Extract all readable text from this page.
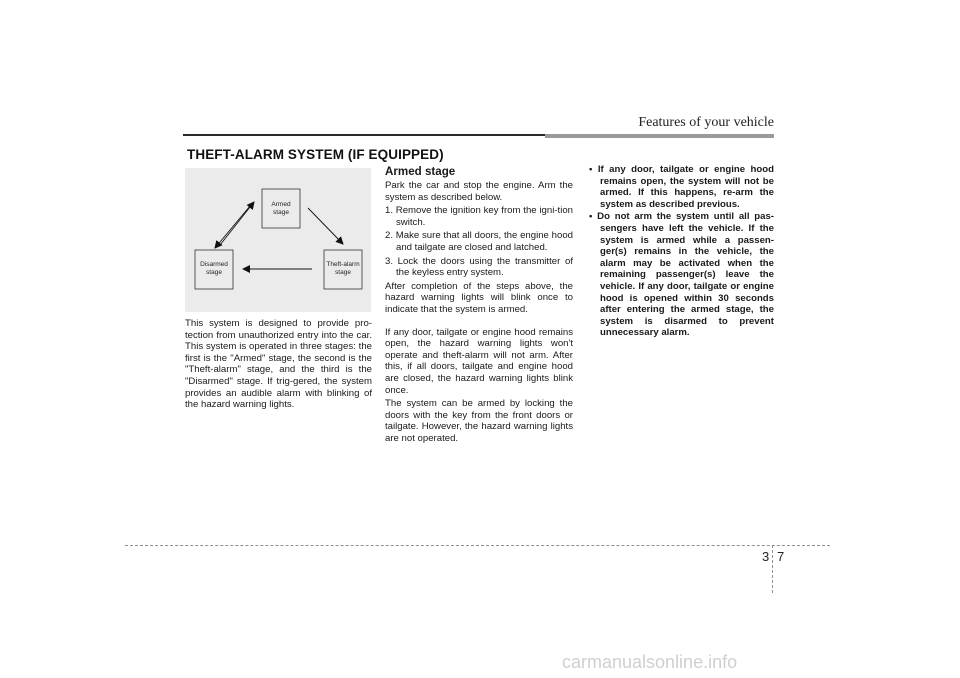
Features of your vehicle
THEFT-ALARM SYSTEM (IF EQUIPPED)
Armed
stage
Disarmed
stage
Theft-alarm
stage

This system is designed to provide pro-tection from unauthorized entry into the car. This system is operated in three stages: the first is the "Armed" stage, the second is the "Theft-alarm" stage, and the third is the "Disarmed" stage. If trig-gered, the system provides an audible alarm with blinking of the hazard warning lights.

Armed stage

Park the car and stop the engine. Arm the system as described below.

1. Remove the ignition key from the igni-tion switch.

2. Make sure that all doors, the engine hood and tailgate are closed and latched.

3. Lock the doors using the transmitter of the keyless entry system.

After completion of the steps above, the hazard warning lights will blink once to indicate that the system is armed.

If any door, tailgate or engine hood remains open, the hazard warning lights won't operate and theft-alarm will not arm. After this, if all doors, tailgate and engine hood are closed, the hazard warning lights blink once.

The system can be armed by locking the doors with the key from the front doors or tailgate. However, the hazard warning lights are not operated.

• If any door, tailgate or engine hood remains open, the system will not be armed. If this happens, re-arm the system as described previous.

• Do not arm the system until all pas-sengers have left the vehicle. If the system is armed while a passen-ger(s) remains in the vehicle, the alarm may be activated when the remaining passenger(s) leave the vehicle. If any door, tailgate or engine hood is opened within 30 seconds after entering the armed stage, the system is disarmed to prevent unnecessary alarm.

3 7
carmanualsonline.info
